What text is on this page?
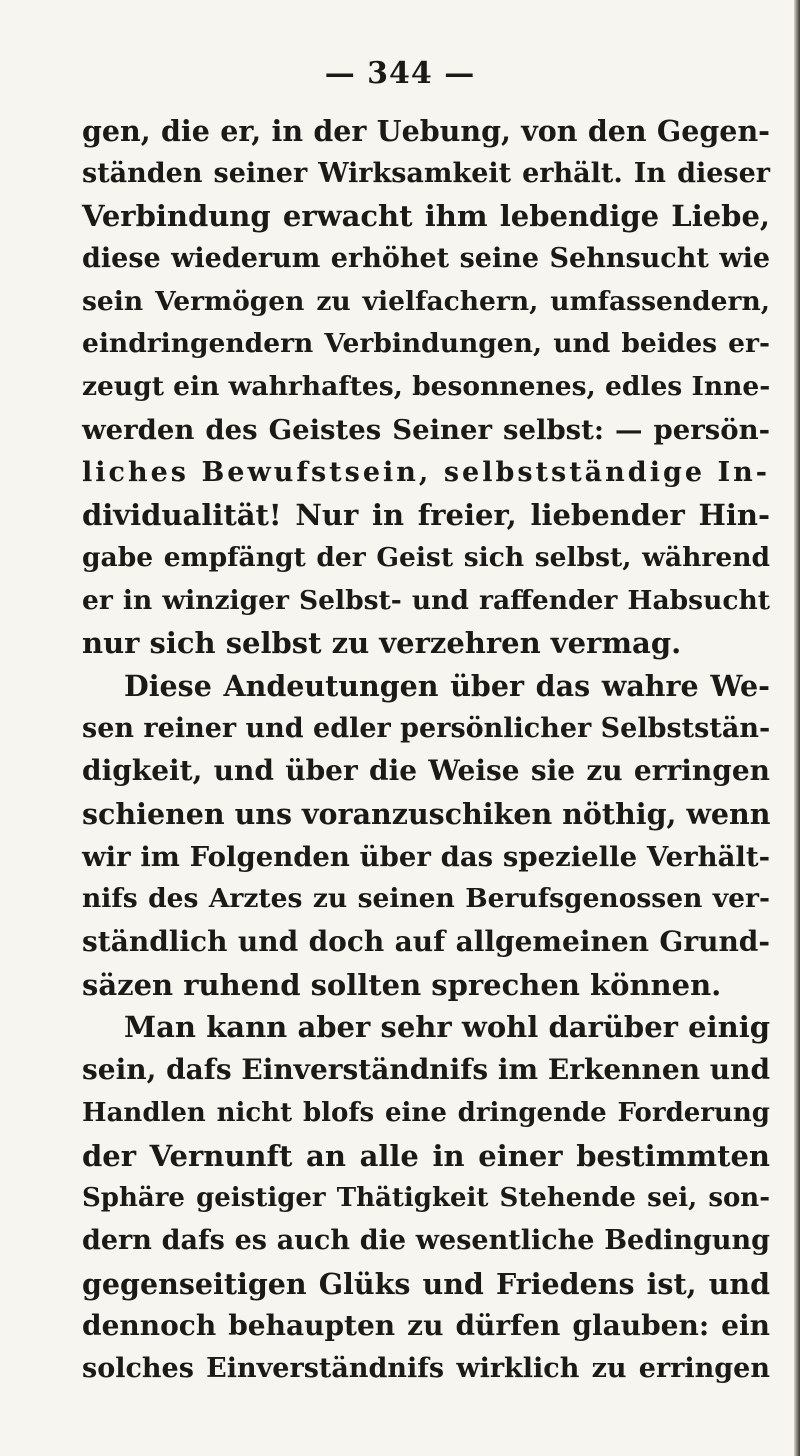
— 344 —
gen, die er, in der Uebung, von den Gegen-
ständen seiner Wirksamkeit erhält. In dieser
Verbindung erwacht ihm lebendige Liebe,
diese wiederum erhöhet seine Sehnsucht wie
sein Vermögen zu vielfachern, umfassendern,
eindringendern Verbindungen, und beides er-
zeugt ein wahrhaftes, besonnenes, edles Inne-
werden des Geistes Seiner selbst: — persön-
liches Bewufstsein, selbstständige In-
dividualität! Nur in freier, liebender Hin-
gabe empfängt der Geist sich selbst, während
er in winziger Selbst- und raffender Habsucht
nur sich selbst zu verzehren vermag.
Diese Andeutungen über das wahre We-
sen reiner und edler persönlicher Selbststän-
digkeit, und über die Weise sie zu erringen
schienen uns voranzuschiken nöthig, wenn
wir im Folgenden über das spezielle Verhält-
nifs des Arztes zu seinen Berufsgenossen ver-
ständlich und doch auf allgemeinen Grund-
säzen ruhend sollten sprechen können.
Man kann aber sehr wohl darüber einig
sein, dafs Einverständnifs im Erkennen und
Handlen nicht blofs eine dringende Forderung
der Vernunft an alle in einer bestimmten
Sphäre geistiger Thätigkeit Stehende sei, son-
dern dafs es auch die wesentliche Bedingung
gegenseitigen Glüks und Friedens ist, und
dennoch behaupten zu dürfen glauben: ein
solches Einverständnifs wirklich zu erringen
